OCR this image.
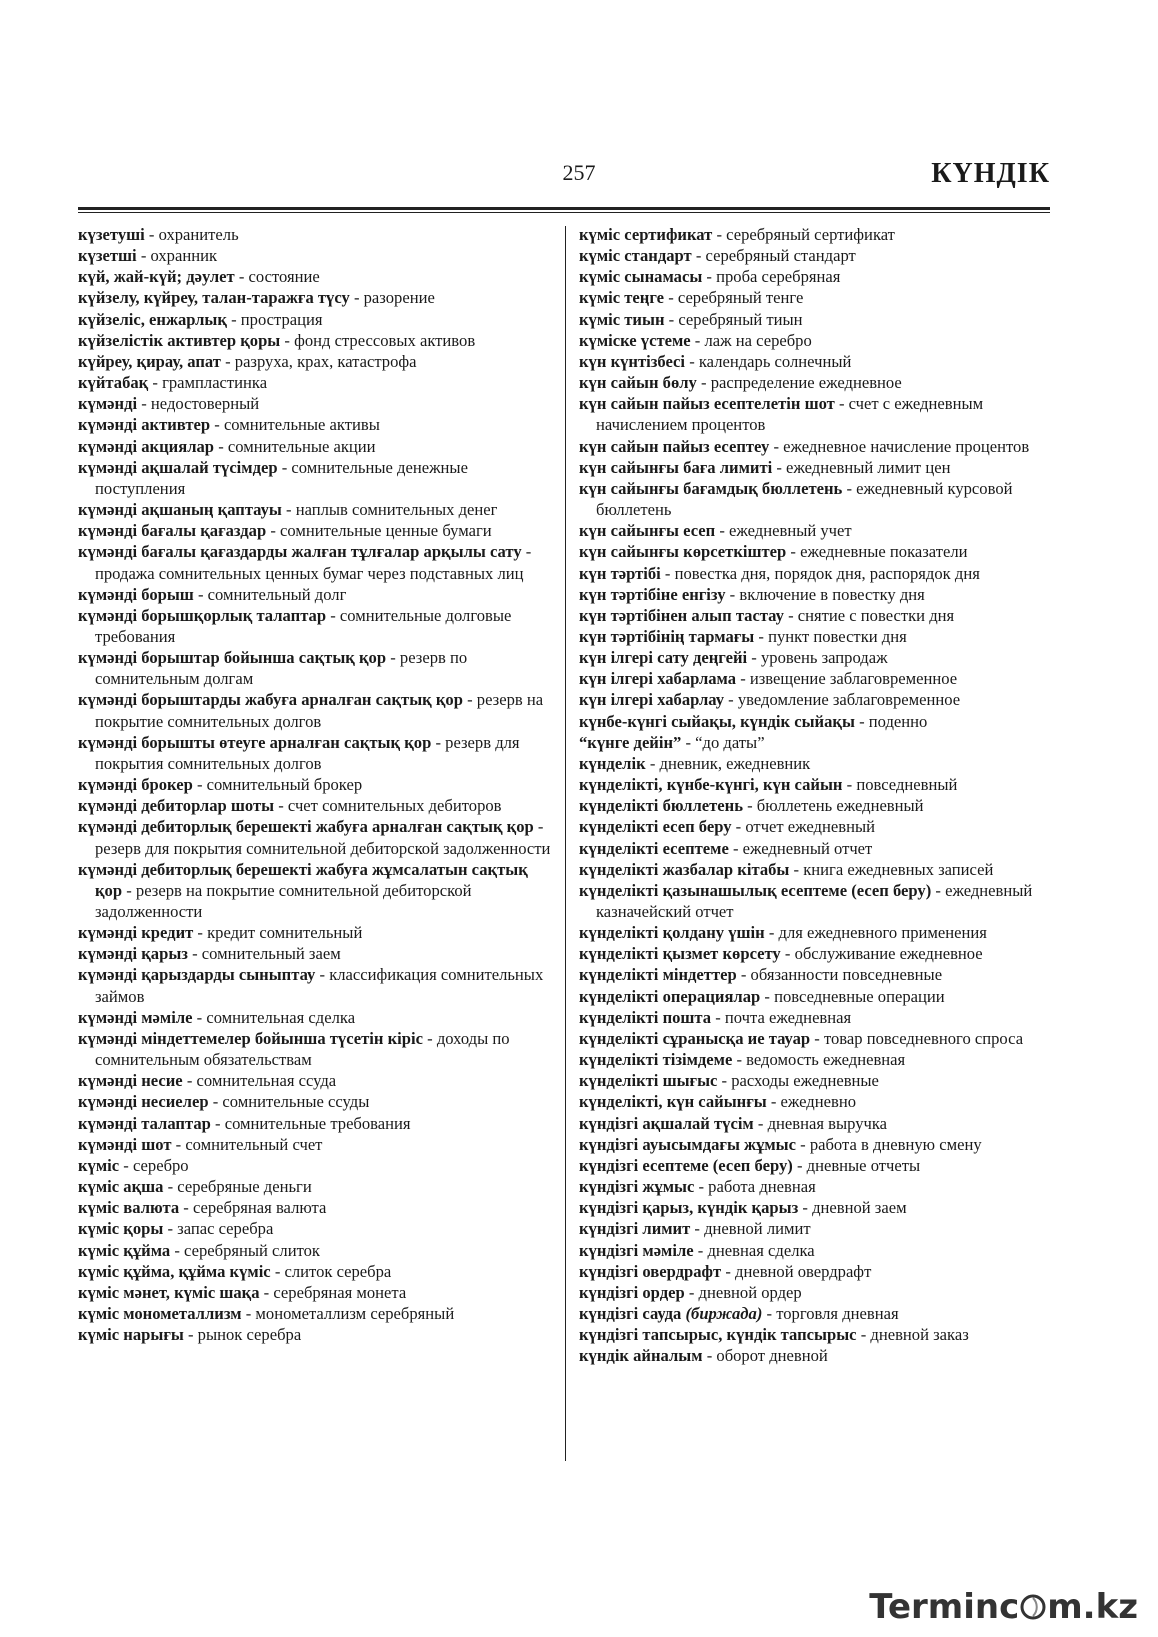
257	КҮНДІК

күзетуші - охранитель

күзетші - охранник

күй, жай-күй; дәулет - состояние

күйзелу, күйреу, талан-таражға түсу - разорение

күйзеліс, енжарлық - прострация

күйзелістік активтер қоры - фонд стрессовых активов

күйреу, қирау, апат - разруха, крах, катастрофа

күйтабақ - грампластинка

күмәнді - недостоверный

күмәнді активтер - сомнительные активы

күмәнді акциялар - сомнительные акции

күмәнді ақшалай түсімдер - сомнительные денежные поступления

күмәнді ақшаның қаптауы - наплыв сомнительных денег

күмәнді бағалы қағаздар - сомнительные ценные бумаги

күмәнді бағалы қағаздарды жалған тұлғалар арқылы сату - продажа сомнительных ценных бумаг через подставных лиц

күмәнді борыш - сомнительный долг

күмәнді борышқорлық талаптар - сомнительные долговые требования

күмәнді борыштар бойынша сақтық қор - резерв по сомнительным долгам

күмәнді борыштарды жабуға арналған сақтық қор - резерв на покрытие сомнительных долгов

күмәнді борышты өтеуге арналған сақтық қор - резерв для покрытия сомнительных долгов

күмәнді брокер - сомнительный брокер

күмәнді дебиторлар шоты - счет сомнительных дебиторов

күмәнді дебиторлық берешекті жабуға арналған сақтық қор - резерв для покрытия сомнительной дебиторской задолженности

күмәнді дебиторлық берешекті жабуға жұмсалатын сақтық қор - резерв на покрытие сомнительной дебиторской задолженности

күмәнді кредит - кредит сомнительный

күмәнді қарыз - сомнительный заем

күмәнді қарыздарды сыныптау - классификация сомнительных займов

күмәнді мәміле - сомнительная сделка

күмәнді міндеттемелер бойынша түсетін кіріс - доходы по сомнительным обязательствам

күмәнді несие - сомнительная ссуда

күмәнді несиелер - сомнительные ссуды

күмәнді талаптар - сомнительные требования

күмәнді шот - сомнительный счет

күміс - серебро

күміс ақша - серебряные деньги

күміс валюта - серебряная валюта

күміс қоры - запас серебра

күміс құйма - серебряный слиток

күміс құйма, құйма күміс - слиток серебра

күміс мәнет, күміс шақа - серебряная монета

күміс монометаллизм - монометаллизм серебряный

күміс нарығы - рынок серебра

күміс сертификат - серебряный сертификат

күміс стандарт - серебряный стандарт

күміс сынамасы - проба серебряная

күміс теңге - серебряный тенге

күміс тиын - серебряный тиын

күміске үстеме - лаж на серебро

күн күнтізбесі - календарь солнечный

күн сайын бөлу - распределение ежедневное

күн сайын пайыз есептелетін шот - счет с ежедневным начислением процентов

күн сайын пайыз есептеу - ежедневное начисление процентов

күн сайынғы баға лимиті - ежедневный лимит цен

күн сайынғы бағамдық бюллетень - ежедневный курсовой бюллетень

күн сайынғы есеп - ежедневный учет

күн сайынғы көрсеткіштер - ежедневные показатели

күн тәртібі - повестка дня, порядок дня, распорядок дня

күн тәртібіне енгізу - включение в повестку дня

күн тәртібінен алып тастау - снятие с повестки дня

күн тәртібінің тармағы - пункт повестки дня

күн ілгері сату деңгейі - уровень запродаж

күн ілгері хабарлама - извещение заблаговременное

күн ілгері хабарлау - уведомление заблаговременное

күнбе-күнгі сыйақы, күндік сыйақы - поденно

“күнге дейін” - “до даты”

күнделік - дневник, ежедневник

күнделікті, күнбе-күнгі, күн сайын - повседневный

күнделікті бюллетень - бюллетень ежедневный

күнделікті есеп беру - отчет ежедневный

күнделікті есептеме - ежедневный отчет

күнделікті жазбалар кітабы - книга ежедневных записей

күнделікті қазынашылық есептеме (есеп беру) - ежедневный казначейский отчет

күнделікті қолдану үшін - для ежедневного применения

күнделікті қызмет көрсету - обслуживание ежедневное

күнделікті міндеттер - обязанности повседневные

күнделікті операциялар - повседневные операции

күнделікті пошта - почта ежедневная

күнделікті сұранысқа ие тауар - товар повседневного спроса

күнделікті тізімдеме - ведомость ежедневная

күнделікті шығыс - расходы ежедневные

күнделікті, күн сайынғы - ежедневно

күндізгі ақшалай түсім - дневная выручка

күндізгі ауысымдағы жұмыс - работа в дневную смену

күндізгі есептеме (есеп беру) - дневные отчеты

күндізгі жұмыс - работа дневная

күндізгі қарыз, күндік қарыз - дневной заем

күндізгі лимит - дневной лимит

күндізгі мәміле - дневная сделка

күндізгі овердрафт - дневной овердрафт

күндізгі ордер - дневной ордер

күндізгі сауда (биржада) - торговля дневная

күндізгі тапсырыс, күндік тапсырыс - дневной заказ

күндік айналым - оборот дневной

Terminc m.kz
